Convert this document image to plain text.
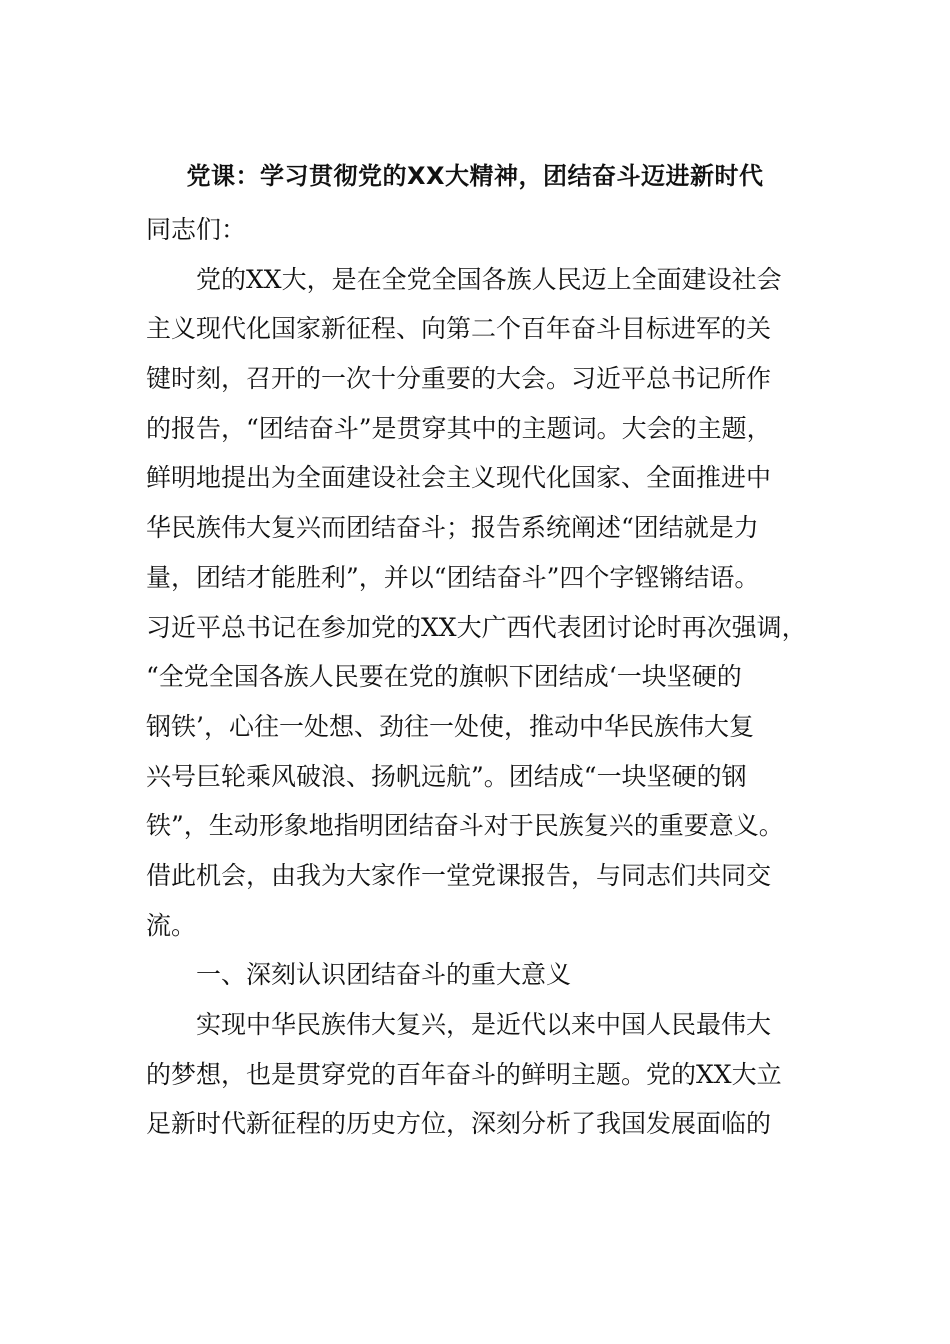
党课：学习贯彻党的XX大精神，团结奋斗迈进新时代
同志们：
党的XX大，是在全党全国各族人民迈上全面建设社会
主义现代化国家新征程、向第二个百年奋斗目标进军的关
键时刻，召开的一次十分重要的大会。习近平总书记所作
的报告，“团结奋斗”是贯穿其中的主题词。大会的主题，
鲜明地提出为全面建设社会主义现代化国家、全面推进中
华民族伟大复兴而团结奋斗；报告系统阐述“团结就是力
量，团结才能胜利”，并以“团结奋斗”四个字铿锵结语。
习近平总书记在参加党的XX大广西代表团讨论时再次强调，
“全党全国各族人民要在党的旗帜下团结成‘一块坚硬的
钢铁’，心往一处想、劲往一处使，推动中华民族伟大复
兴号巨轮乘风破浪、扬帆远航”。团结成“一块坚硬的钢
铁”，生动形象地指明团结奋斗对于民族复兴的重要意义。
借此机会，由我为大家作一堂党课报告，与同志们共同交
流。
一、深刻认识团结奋斗的重大意义
实现中华民族伟大复兴，是近代以来中国人民最伟大
的梦想，也是贯穿党的百年奋斗的鲜明主题。党的XX大立
足新时代新征程的历史方位，深刻分析了我国发展面临的
